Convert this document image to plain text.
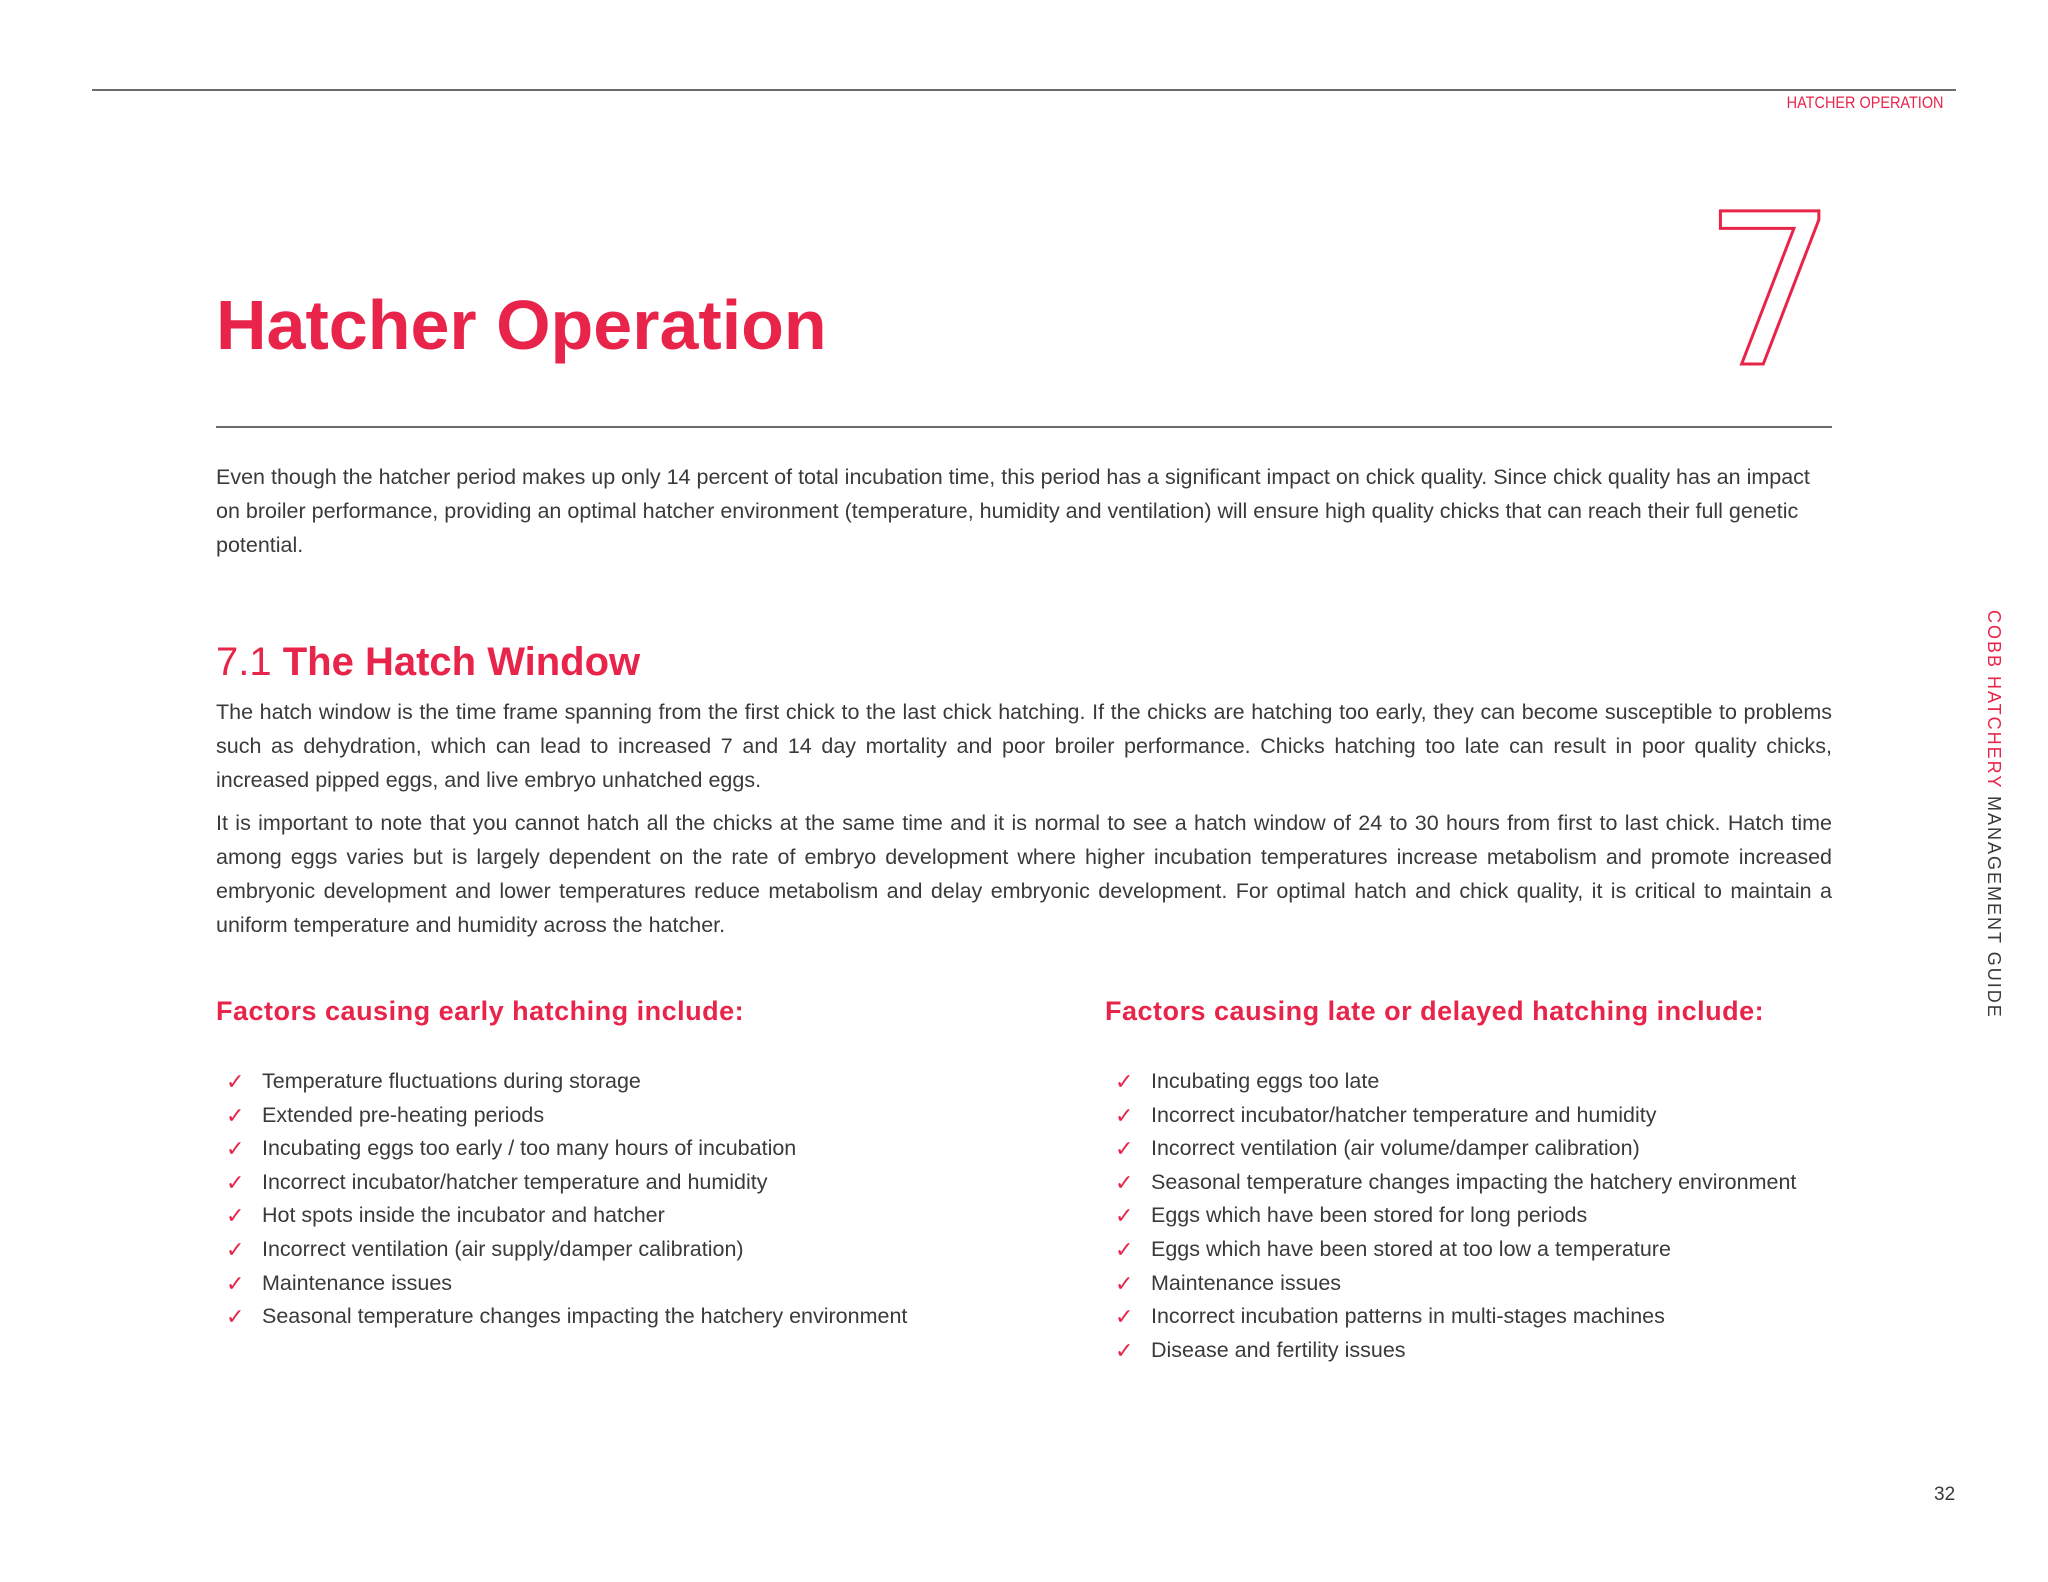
HATCHER OPERATION
COBB HATCHERY MANAGEMENT GUIDE
Hatcher Operation	7

Even though the hatcher period makes up only 14 percent of total incubation time, this period has a significant impact on chick quality. Since chick quality has an impact on broiler performance, providing an optimal hatcher environment (temperature, humidity and ventilation) will ensure high quality chicks that can reach their full genetic potential.

7.1 The Hatch Window

The hatch window is the time frame spanning from the first chick to the last chick hatching. If the chicks are hatching too early, they can become susceptible to problems such as dehydration, which can lead to increased 7 and 14 day mortality and poor broiler performance. Chicks hatching too late can result in poor quality chicks, increased pipped eggs, and live embryo unhatched eggs.

It is important to note that you cannot hatch all the chicks at the same time and it is normal to see a hatch window of 24 to 30 hours from first to last chick. Hatch time among eggs varies but is largely dependent on the rate of embryo development where higher incubation temperatures increase metabolism and promote increased embryonic development and lower temperatures reduce metabolism and delay embryonic development. For optimal hatch and chick quality, it is critical to maintain a uniform temperature and humidity across the hatcher.

Factors causing early hatching include:	Factors causing late or delayed hatching include:
✓ Temperature fluctuations during storage
✓ Extended pre-heating periods
✓ Incubating eggs too early / too many hours of incubation
✓ Incorrect incubator/hatcher temperature and humidity
✓ Hot spots inside the incubator and hatcher
✓ Incorrect ventilation (air supply/damper calibration)
✓ Maintenance issues
✓ Seasonal temperature changes impacting the hatchery environment
✓ Incubating eggs too late
✓ Incorrect incubator/hatcher temperature and humidity
✓ Incorrect ventilation (air volume/damper calibration)
✓ Seasonal temperature changes impacting the hatchery environment
✓ Eggs which have been stored for long periods
✓ Eggs which have been stored at too low a temperature
✓ Maintenance issues
✓ Incorrect incubation patterns in multi-stages machines
✓ Disease and fertility issues
32
